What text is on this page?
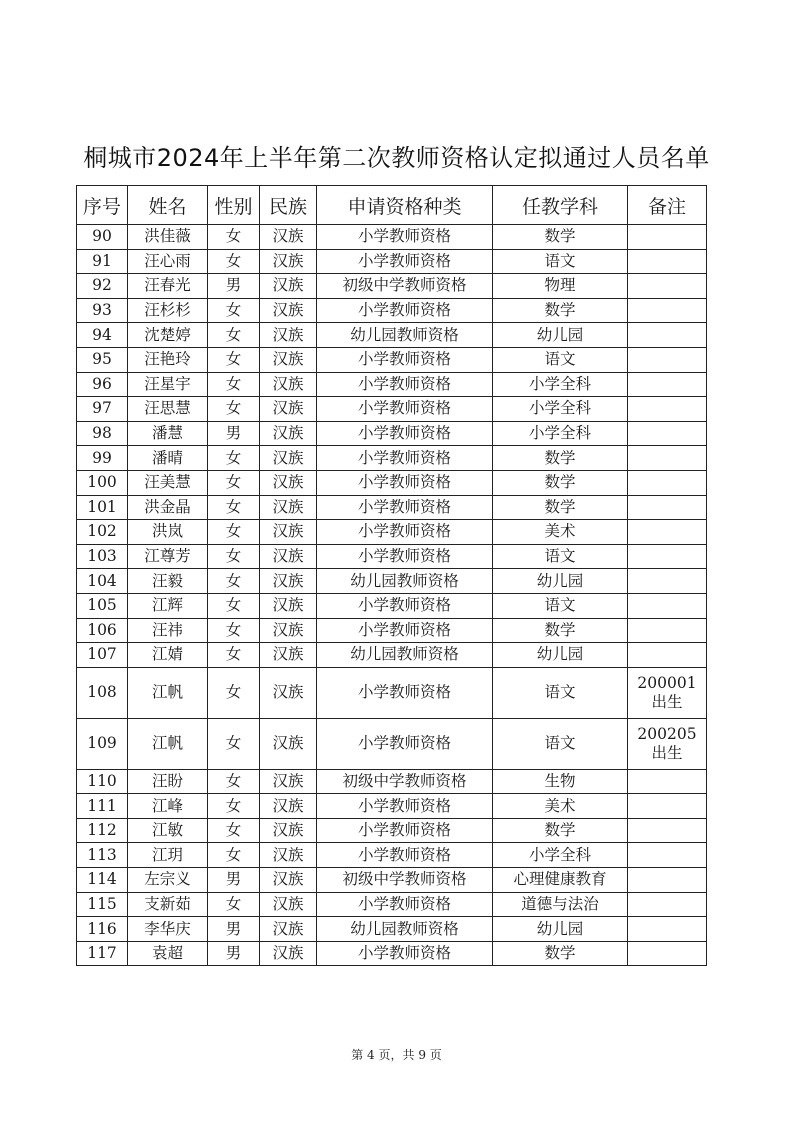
桐城市2024年上半年第二次教师资格认定拟通过人员名单
序号	姓名	性别	民族	申请资格种类	任教学科	备注
90	洪佳薇	女	汉族	小学教师资格	数学	
91	汪心雨	女	汉族	小学教师资格	语文	
92	汪春光	男	汉族	初级中学教师资格	物理	
93	汪杉杉	女	汉族	小学教师资格	数学	
94	沈楚婷	女	汉族	幼儿园教师资格	幼儿园	
95	汪艳玲	女	汉族	小学教师资格	语文	
96	汪星宇	女	汉族	小学教师资格	小学全科	
97	汪思慧	女	汉族	小学教师资格	小学全科	
98	潘慧	男	汉族	小学教师资格	小学全科	
99	潘晴	女	汉族	小学教师资格	数学	
100	汪美慧	女	汉族	小学教师资格	数学	
101	洪金晶	女	汉族	小学教师资格	数学	
102	洪岚	女	汉族	小学教师资格	美术	
103	江尊芳	女	汉族	小学教师资格	语文	
104	汪毅	女	汉族	幼儿园教师资格	幼儿园	
105	江辉	女	汉族	小学教师资格	语文	
106	汪祎	女	汉族	小学教师资格	数学	
107	江婧	女	汉族	幼儿园教师资格	幼儿园	
108	江帆	女	汉族	小学教师资格	语文	200001
出生

109	江帆	女	汉族	小学教师资格	语文	200205
出生

110	汪盼	女	汉族	初级中学教师资格	生物	
111	江峰	女	汉族	小学教师资格	美术	
112	江敏	女	汉族	小学教师资格	数学	
113	江玥	女	汉族	小学教师资格	小学全科	
114	左宗义	男	汉族	初级中学教师资格	心理健康教育	
115	支新茹	女	汉族	小学教师资格	道德与法治	
116	李华庆	男	汉族	幼儿园教师资格	幼儿园	
117	袁超	男	汉族	小学教师资格	数学	
第 4 页，共 9 页
